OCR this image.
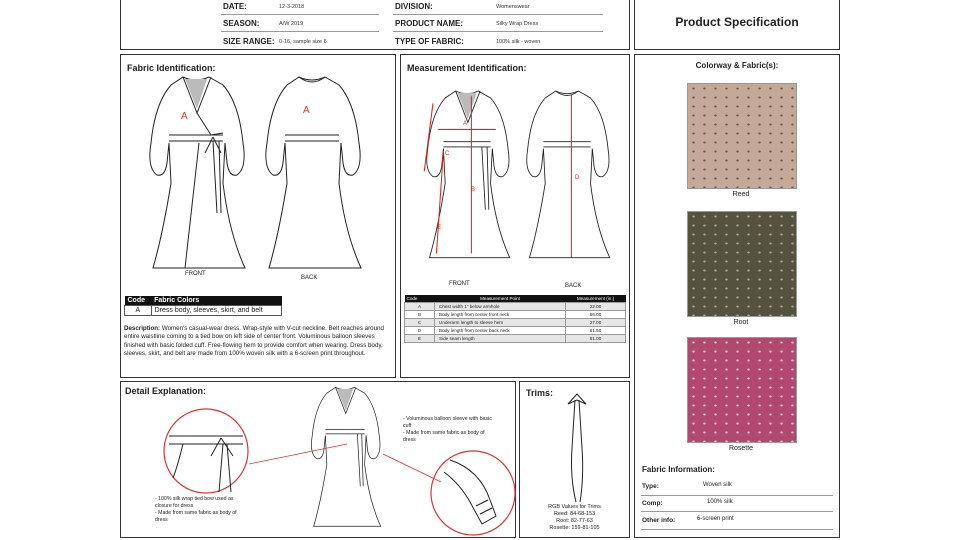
DATE:	12-3-2018
SEASON:	A/W 2019
SIZE RANGE: 0-16, sample size 6
DIVISION:	Womenswear
PRODUCT NAME:	Silky Wrap Dress
TYPE OF FABRIC:	100% silk - woven
Product Specification
Fabric Identification:
A
FRONT
A
BACK
Code	Fabric Colors
A	Dress body, sleeves, skirt, and belt
Description: Women's casual-wear dress. Wrap-style with V-cut neckline. Belt reaches around entire waistline coming to a tied bow on left side of center front. Voluminous balloon sleeves finished with basic folded cuff. Free-flowing hem to provide comfort when wearing. Dress body, sleeves, skirt, and belt are made from 100% woven silk with a 6-screen print throughout.
Measurement Identification:
A
B
C
E
FRONT
D
BACK
Code	Measurement Point	Measurement (in.)
A	Chest width 1" below armhole	22.00
B	Body length from center front neck	56.00
C	Underarm length to sleeve hem	27.00
D	Body length from center back neck	61.50
E	Side seam length	51.00
Colorway & Fabric(s):
Reed
Root
Rosette
Fabric Information:
Type:	Woven silk
Comp:	100% silk
Other info:	6-screen print
Detail Explanation:
- Voluminous balloon sleeve with basic
cuff
- Made from same fabric as body of
dress
- 100% silk wrap tied bow used as
closure for dress
- Made from same fabric as body of
dress
Trims:
RGB Values for Trims
Reed: 84-68-153
Root: 82-77-63
Rosette: 159-81-105
